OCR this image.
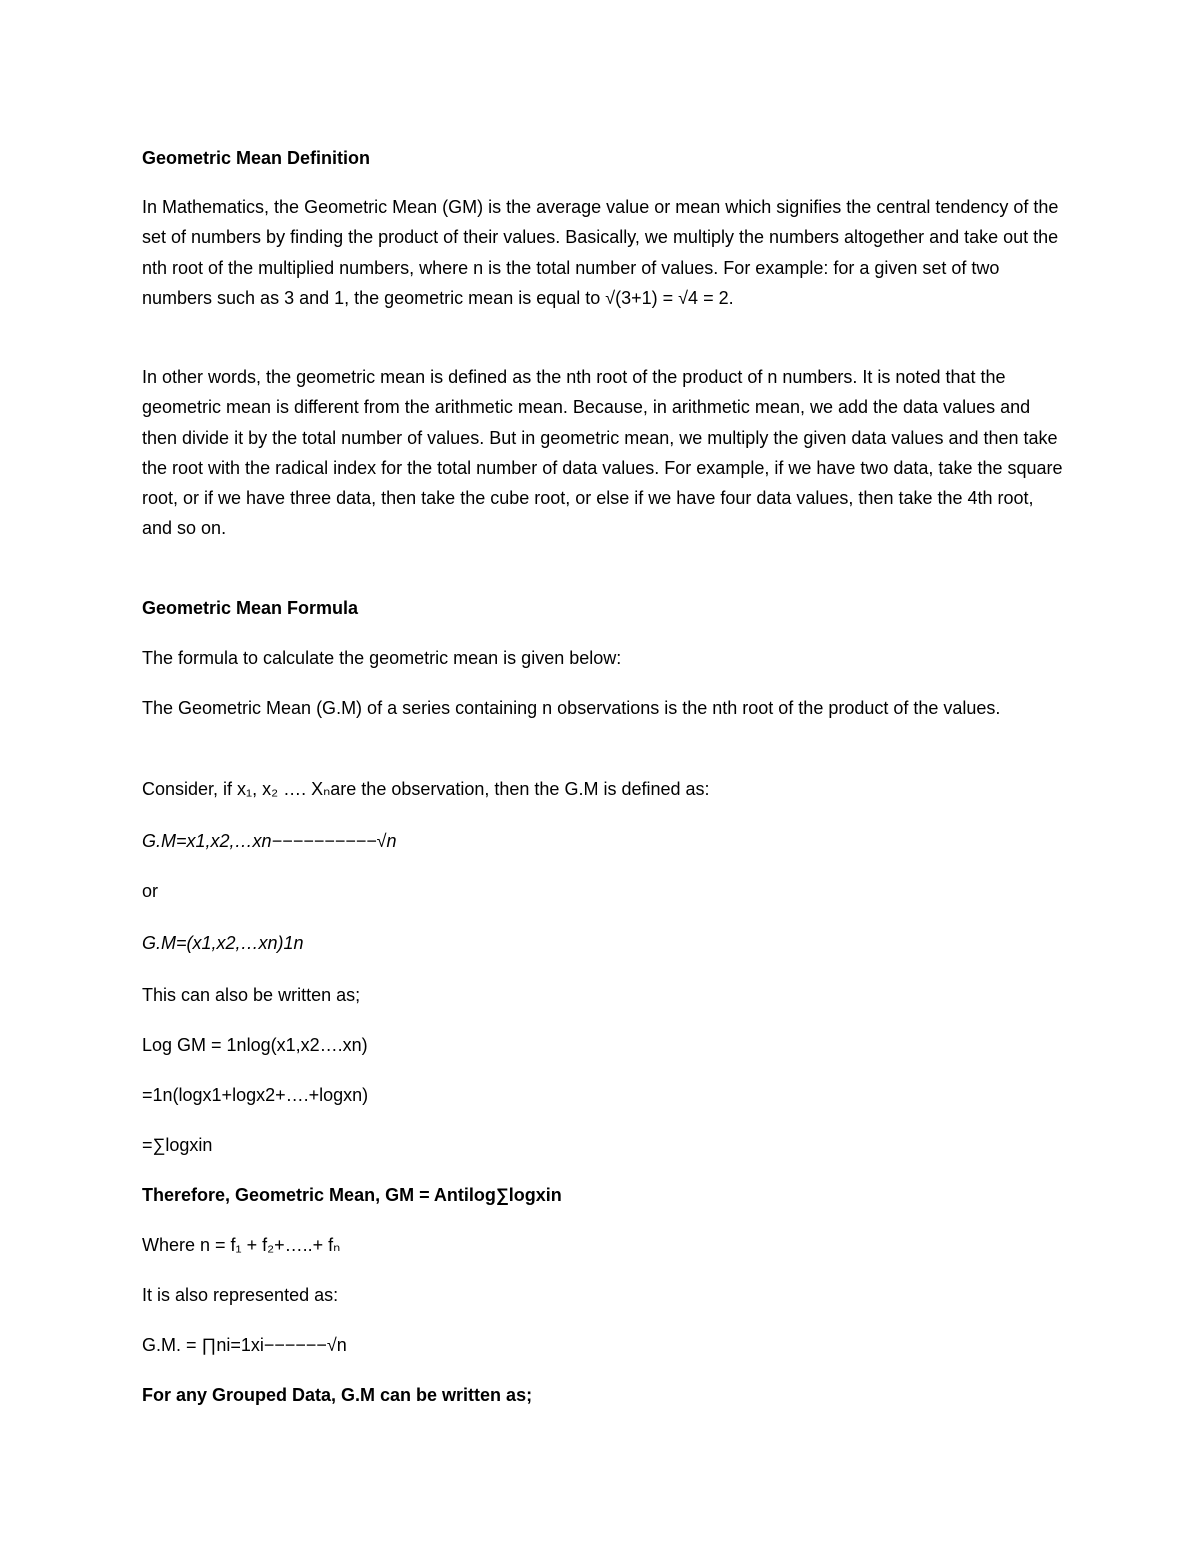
Geometric Mean Definition

In Mathematics, the Geometric Mean (GM) is the average value or mean which signifies the central tendency of the set of numbers by finding the product of their values. Basically, we multiply the numbers altogether and take out the nth root of the multiplied numbers, where n is the total number of values. For example: for a given set of two numbers such as 3 and 1, the geometric mean is equal to √(3+1) = √4 = 2.

In other words, the geometric mean is defined as the nth root of the product of n numbers. It is noted that the geometric mean is different from the arithmetic mean. Because, in arithmetic mean, we add the data values and then divide it by the total number of values. But in geometric mean, we multiply the given data values and then take the root with the radical index for the total number of data values. For example, if we have two data, take the square root, or if we have three data, then take the cube root, or else if we have four data values, then take the 4th root, and so on.

Geometric Mean Formula

The formula to calculate the geometric mean is given below:

The Geometric Mean (G.M) of a series containing n observations is the nth root of the product of the values.

Consider, if x₁, x₂ …. Xₙare the observation, then the G.M is defined as:

G.M=x1,x2,…xn−−−−−−−−−−√n

or

G.M=(x1,x2,…xn)1n

This can also be written as;

Log GM = 1nlog(x1,x2….xn)

=1n(logx1+logx2+….+logxn)

=∑logxin

Therefore, Geometric Mean, GM = Antilog∑logxin

Where n = f₁ + f₂+…..+ fₙ

It is also represented as:

G.M. = ∏ni=1xi−−−−−−√n

For any Grouped Data, G.M can be written as;
